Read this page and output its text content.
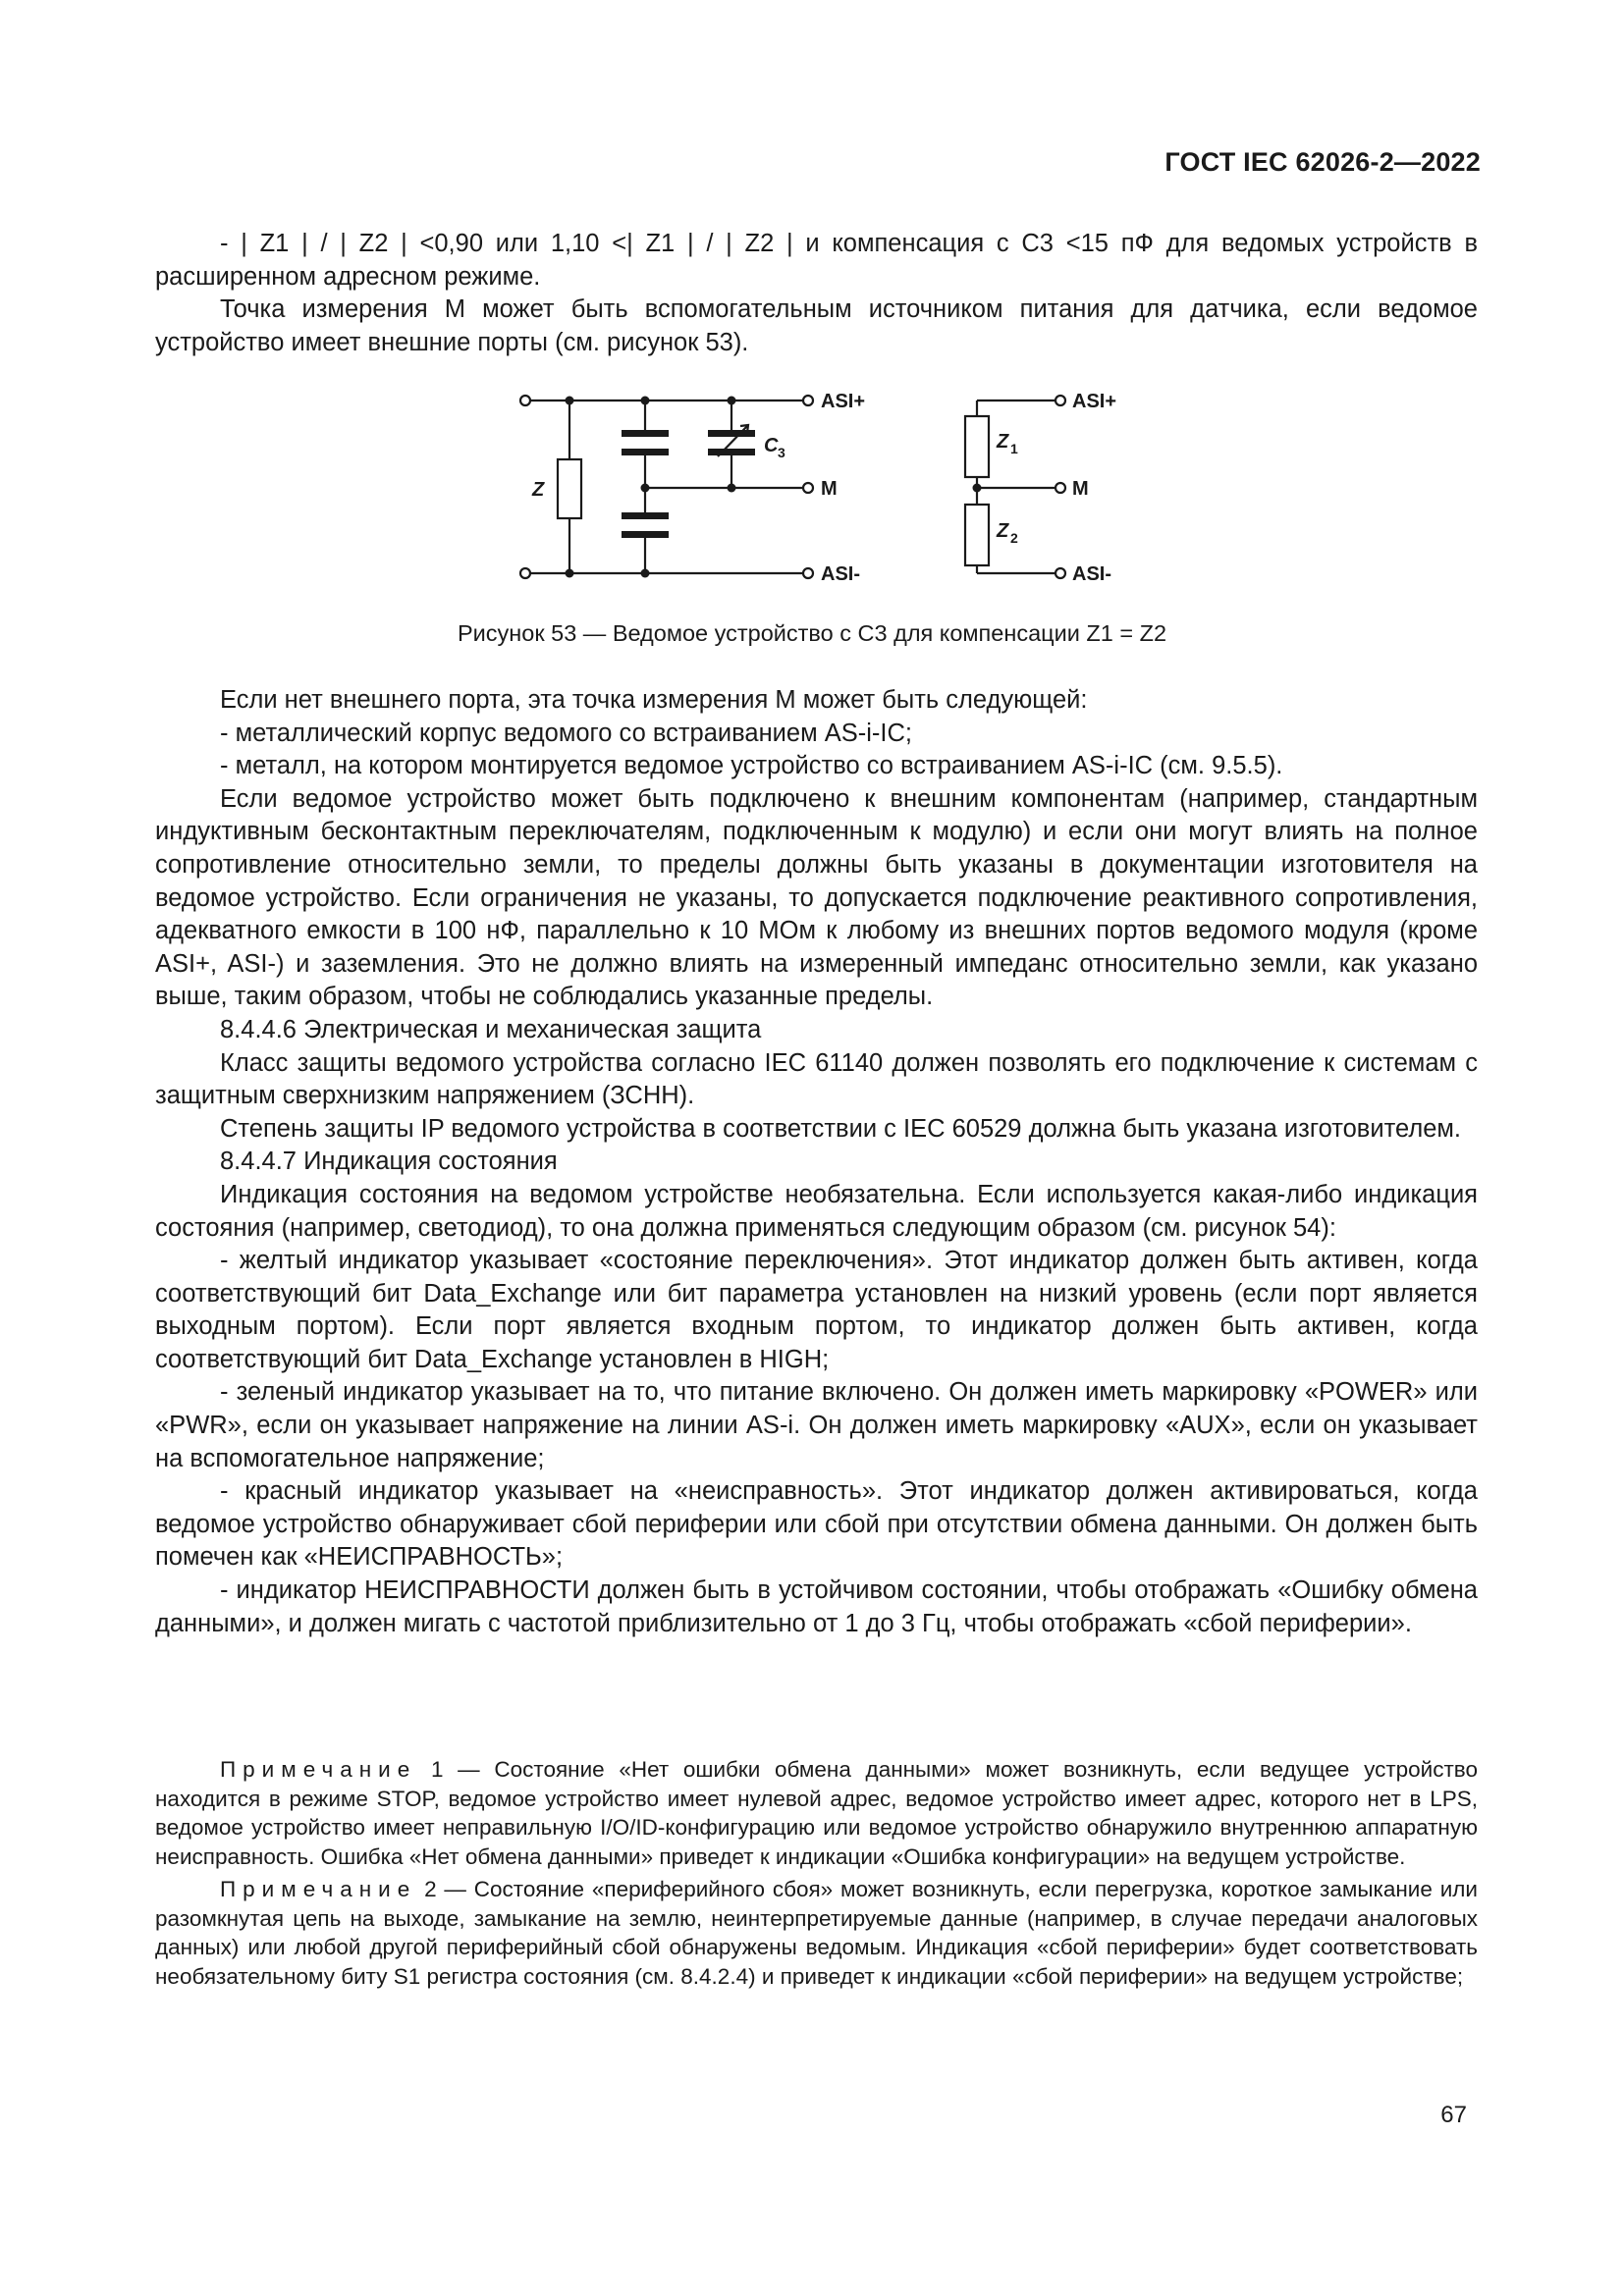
ГОСТ IEC 62026-2—2022

- | Z1 | / | Z2 | <0,90 или 1,10 <| Z1 | / | Z2 | и компенсация с С3 <15 пФ для ведомых устройств в расширенном адресном режиме.

Точка измерения М может быть вспомогательным источником питания для датчика, если ведомое устройство имеет внешние порты (см. рисунок 53).

Z
C 3
ASI+
M
ASI-
Z 1
Z 2
ASI+
M
ASI-
Рисунок 53 — Ведомое устройство с С3 для компенсации Z1 = Z2

Если нет внешнего порта, эта точка измерения М может быть следующей:

- металлический корпус ведомого со встраиванием AS-i-IC;

- металл, на котором монтируется ведомое устройство со встраиванием AS-i-IC (см. 9.5.5).

Если ведомое устройство может быть подключено к внешним компонентам (например, стандартным индуктивным бесконтактным переключателям, подключенным к модулю) и если они могут влиять на полное сопротивление относительно земли, то пределы должны быть указаны в документации изготовителя на ведомое устройство. Если ограничения не указаны, то допускается подключение реактивного сопротивления, адекватного емкости в 100 нФ, параллельно к 10 МОм к любому из внешних портов ведомого модуля (кроме ASI+, ASI-) и заземления. Это не должно влиять на измеренный импеданс относительно земли, как указано выше, таким образом, чтобы не соблюдались указанные пределы.

8.4.4.6 Электрическая и механическая защита

Класс защиты ведомого устройства согласно IEC 61140 должен позволять его подключение к системам с защитным сверхнизким напряжением (ЗСНН).

Степень защиты IP ведомого устройства в соответствии с IEC 60529 должна быть указана изготовителем.

8.4.4.7 Индикация состояния

Индикация состояния на ведомом устройстве необязательна. Если используется какая-либо индикация состояния (например, светодиод), то она должна применяться следующим образом (см. рисунок 54):

- желтый индикатор указывает «состояние переключения». Этот индикатор должен быть активен, когда соответствующий бит Data_Exchange или бит параметра установлен на низкий уровень (если порт является выходным портом). Если порт является входным портом, то индикатор должен быть активен, когда соответствующий бит Data_Exchange установлен в HIGH;

- зеленый индикатор указывает на то, что питание включено. Он должен иметь маркировку «POWER» или «PWR», если он указывает напряжение на линии AS-i. Он должен иметь маркировку «AUX», если он указывает на вспомогательное напряжение;

- красный индикатор указывает на «неисправность». Этот индикатор должен активироваться, когда ведомое устройство обнаруживает сбой периферии или сбой при отсутствии обмена данными. Он должен быть помечен как «НЕИСПРАВНОСТЬ»;

- индикатор НЕИСПРАВНОСТИ должен быть в устойчивом состоянии, чтобы отображать «Ошибку обмена данными», и должен мигать с частотой приблизительно от 1 до 3 Гц, чтобы отображать «сбой периферии».

Примечание 1 — Состояние «Нет ошибки обмена данными» может возникнуть, если ведущее устройство находится в режиме STOP, ведомое устройство имеет нулевой адрес, ведомое устройство имеет адрес, которого нет в LPS, ведомое устройство имеет неправильную I/O/ID-конфигурацию или ведомое устройство обнаружило внутреннюю аппаратную неисправность. Ошибка «Нет обмена данными» приведет к индикации «Ошибка конфигурации» на ведущем устройстве.

Примечание 2 — Состояние «периферийного сбоя» может возникнуть, если перегрузка, короткое замыкание или разомкнутая цепь на выходе, замыкание на землю, неинтерпретируемые данные (например, в случае передачи аналоговых данных) или любой другой периферийный сбой обнаружены ведомым. Индикация «сбой периферии» будет соответствовать необязательному биту S1 регистра состояния (см. 8.4.2.4) и приведет к индикации «сбой периферии» на ведущем устройстве;

67
